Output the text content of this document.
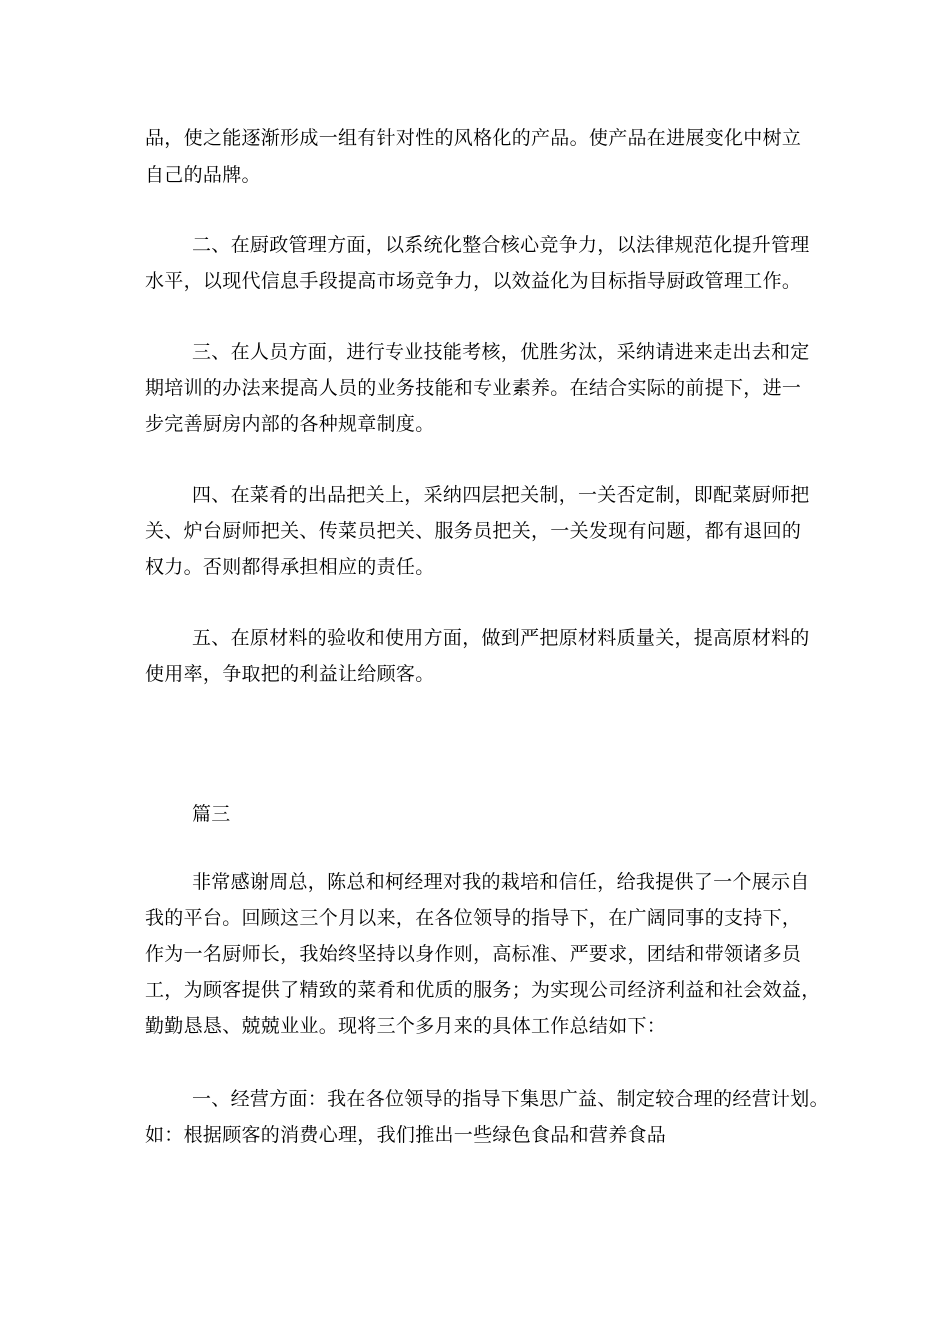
品，使之能逐渐形成一组有针对性的风格化的产品。使产品在进展变化中树立
自己的品牌。
二、在厨政管理方面，以系统化整合核心竞争力，以法律规范化提升管理
水平，以现代信息手段提高市场竞争力，以效益化为目标指导厨政管理工作。
三、在人员方面，进行专业技能考核，优胜劣汰，采纳请进来走出去和定
期培训的办法来提高人员的业务技能和专业素养。在结合实际的前提下，进一
步完善厨房内部的各种规章制度。
四、在菜肴的出品把关上，采纳四层把关制，一关否定制，即配菜厨师把
关、炉台厨师把关、传菜员把关、服务员把关，一关发现有问题，都有退回的
权力。否则都得承担相应的责任。
五、在原材料的验收和使用方面，做到严把原材料质量关，提高原材料的
使用率，争取把的利益让给顾客。
篇三
非常感谢周总，陈总和柯经理对我的栽培和信任，给我提供了一个展示自
我的平台。回顾这三个月以来，在各位领导的指导下，在广阔同事的支持下，
作为一名厨师长，我始终坚持以身作则，高标准、严要求，团结和带领诸多员
工，为顾客提供了精致的菜肴和优质的服务；为实现公司经济利益和社会效益，
勤勤恳恳、兢兢业业。现将三个多月来的具体工作总结如下：
一、经营方面：我在各位领导的指导下集思广益、制定较合理的经营计划。
如：根据顾客的消费心理，我们推出一些绿色食品和营养食品
